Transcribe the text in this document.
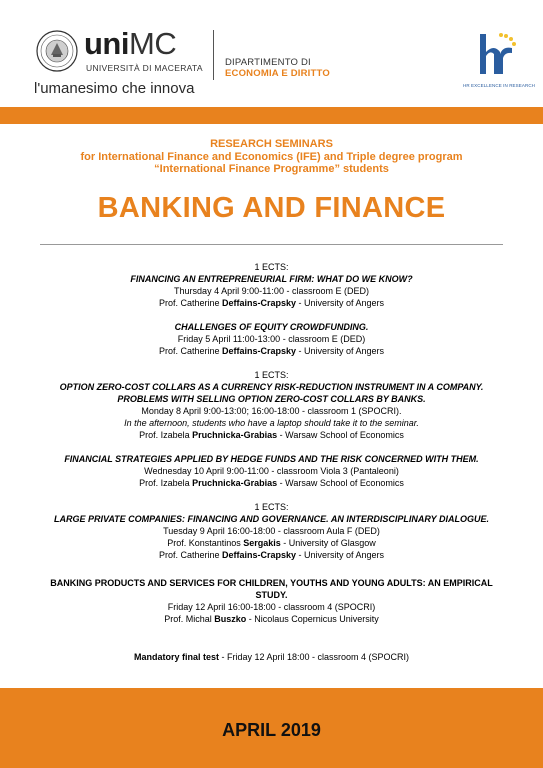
uniMC
UNIVERSITÀ DI MACERATA
l'umanesimo che innova
DIPARTIMENTO DI
ECONOMIA E DIRITTO
HR EXCELLENCE IN RESEARCH
RESEARCH SEMINARS
for International Finance and Economics (IFE) and Triple degree program
“International Finance Programme” students
BANKING AND FINANCE
1 ECTS:
FINANCING AN ENTREPRENEURIAL FIRM: WHAT DO WE KNOW?
Thursday 4 April 9:00-11:00 - classroom E (DED)
Prof. Catherine Deffains-Crapsky - University of Angers
CHALLENGES OF EQUITY CROWDFUNDING.
Friday 5 April 11:00-13:00 - classroom E (DED)
Prof. Catherine Deffains-Crapsky - University of Angers
1 ECTS:
OPTION ZERO-COST COLLARS AS A CURRENCY RISK-REDUCTION INSTRUMENT IN A COMPANY.
PROBLEMS WITH SELLING OPTION ZERO-COST COLLARS BY BANKS.
Monday 8 April 9:00-13:00; 16:00-18:00 - classroom 1 (SPOCRI).
In the afternoon, students who have a laptop should take it to the seminar.
Prof. Izabela Pruchnicka-Grabias - Warsaw School of Economics
FINANCIAL STRATEGIES APPLIED BY HEDGE FUNDS AND THE RISK CONCERNED WITH THEM.
Wednesday 10 April 9:00-11:00 - classroom Viola 3 (Pantaleoni)
Prof. Izabela Pruchnicka-Grabias - Warsaw School of Economics
1 ECTS:
LARGE PRIVATE COMPANIES: FINANCING AND GOVERNANCE. AN INTERDISCIPLINARY DIALOGUE.
Tuesday 9 April 16:00-18:00 - classroom Aula F (DED)
Prof. Konstantinos Sergakis - University of Glasgow
Prof. Catherine Deffains-Crapsky - University of Angers
BANKING PRODUCTS AND SERVICES FOR CHILDREN, YOUTHS AND YOUNG ADULTS: AN EMPIRICAL
STUDY.
Friday 12 April 16:00-18:00 - classroom 4 (SPOCRI)
Prof. Michal Buszko - Nicolaus Copernicus University
Mandatory final test - Friday 12 April 18:00 - classroom 4 (SPOCRI)
APRIL 2019
